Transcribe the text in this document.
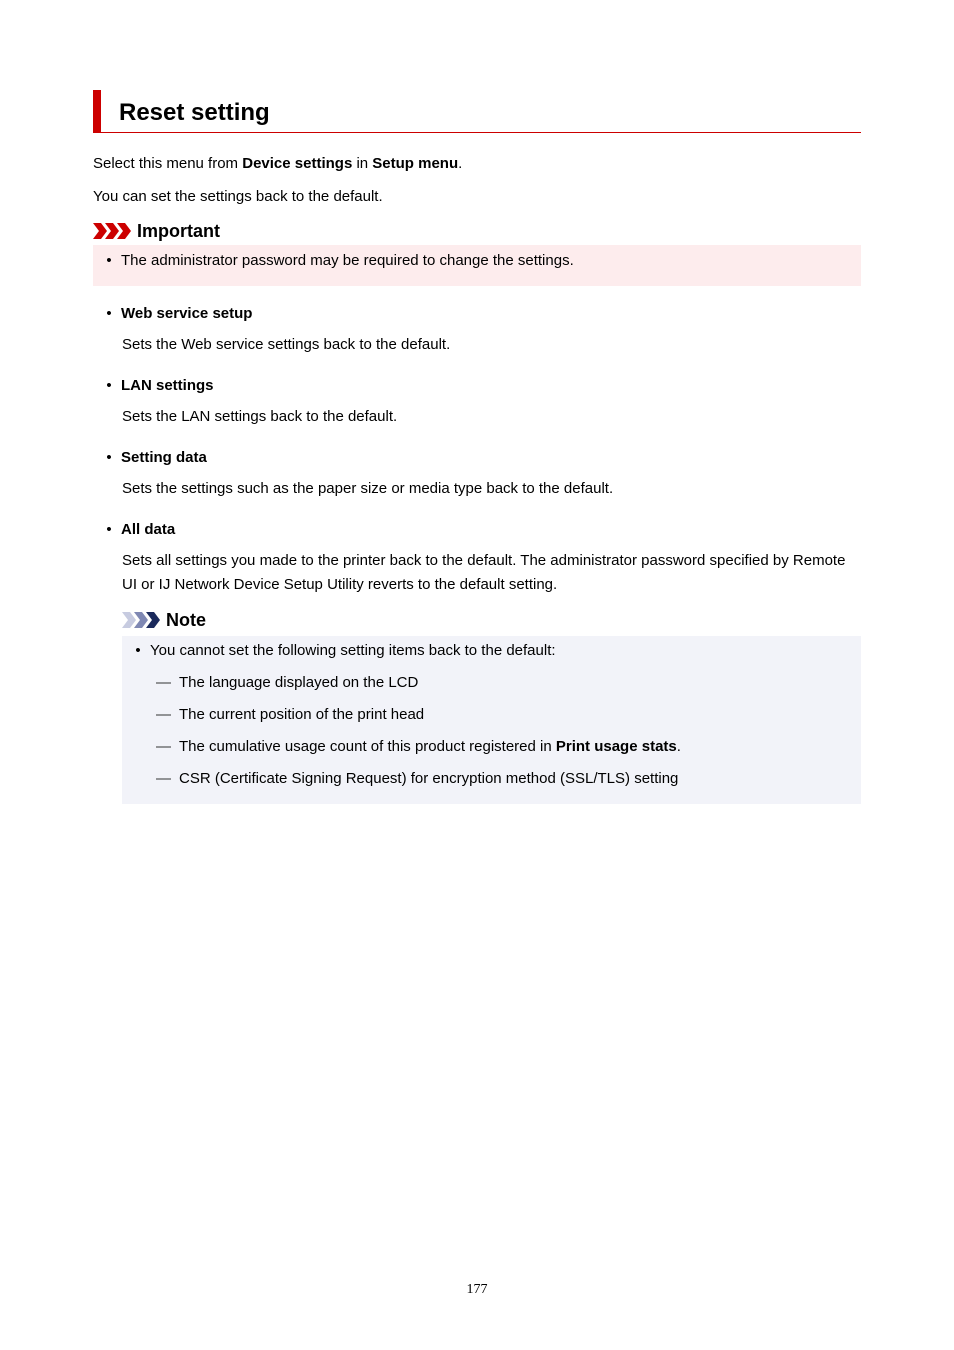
Reset setting
Select this menu from Device settings in Setup menu.
You can set the settings back to the default.
Important
• The administrator password may be required to change the settings.
• Web service setup
Sets the Web service settings back to the default.
• LAN settings
Sets the LAN settings back to the default.
• Setting data
Sets the settings such as the paper size or media type back to the default.
• All data
Sets all settings you made to the printer back to the default. The administrator password specified by Remote UI or IJ Network Device Setup Utility reverts to the default setting.
Note
• You cannot set the following setting items back to the default:
— The language displayed on the LCD
— The current position of the print head
— The cumulative usage count of this product registered in Print usage stats.
— CSR (Certificate Signing Request) for encryption method (SSL/TLS) setting
177
